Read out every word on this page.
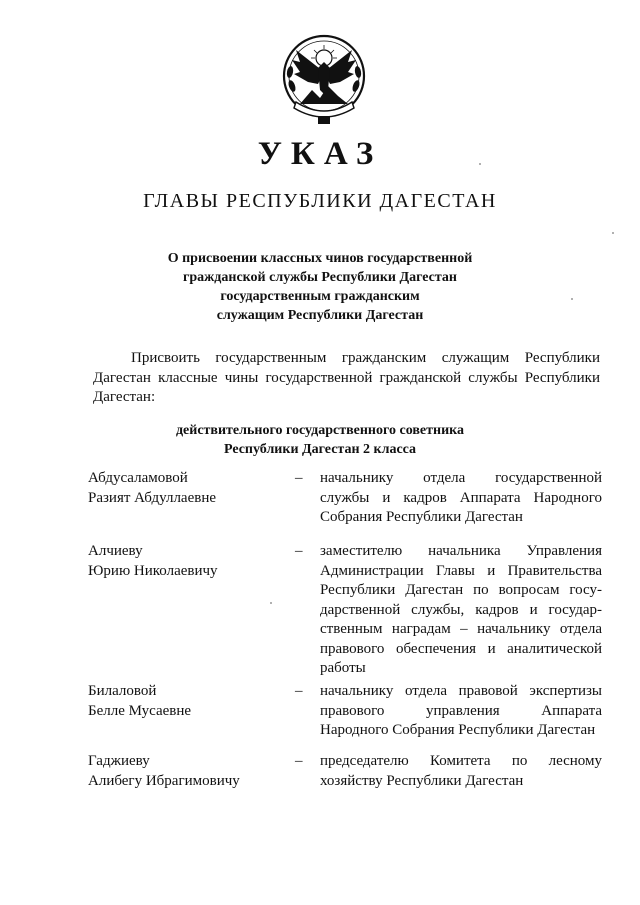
УКАЗ
ГЛАВЫ РЕСПУБЛИКИ ДАГЕСТАН
О присвоении классных чинов государственной
гражданской службы Республики Дагестан
государственным гражданским
служащим Республики Дагестан
Присвоить государственным гражданским служащим Республики
Дагестан классные чины государственной гражданской службы Республики
Дагестан:
действительного государственного советника
Республики Дагестан 2 класса
Абдусаламовой
Разият Абдуллаевне
– начальнику отдела государственной
службы и кадров Аппарата Народного
Собрания Республики Дагестан
Алчиеву
Юрию Николаевичу
– заместителю начальника Управления
Администрации Главы и Правительства
Республики Дагестан по вопросам госу-
дарственной службы, кадров и государ-
ственным наградам – начальнику отдела
правового обеспечения и аналитической
работы
Билаловой
Белле Мусаевне
– начальнику отдела правовой экспертизы
правового управления Аппарата
Народного Собрания Республики Дагестан
Гаджиеву
Алибегу Ибрагимовичу
– председателю Комитета по лесному
хозяйству Республики Дагестан
